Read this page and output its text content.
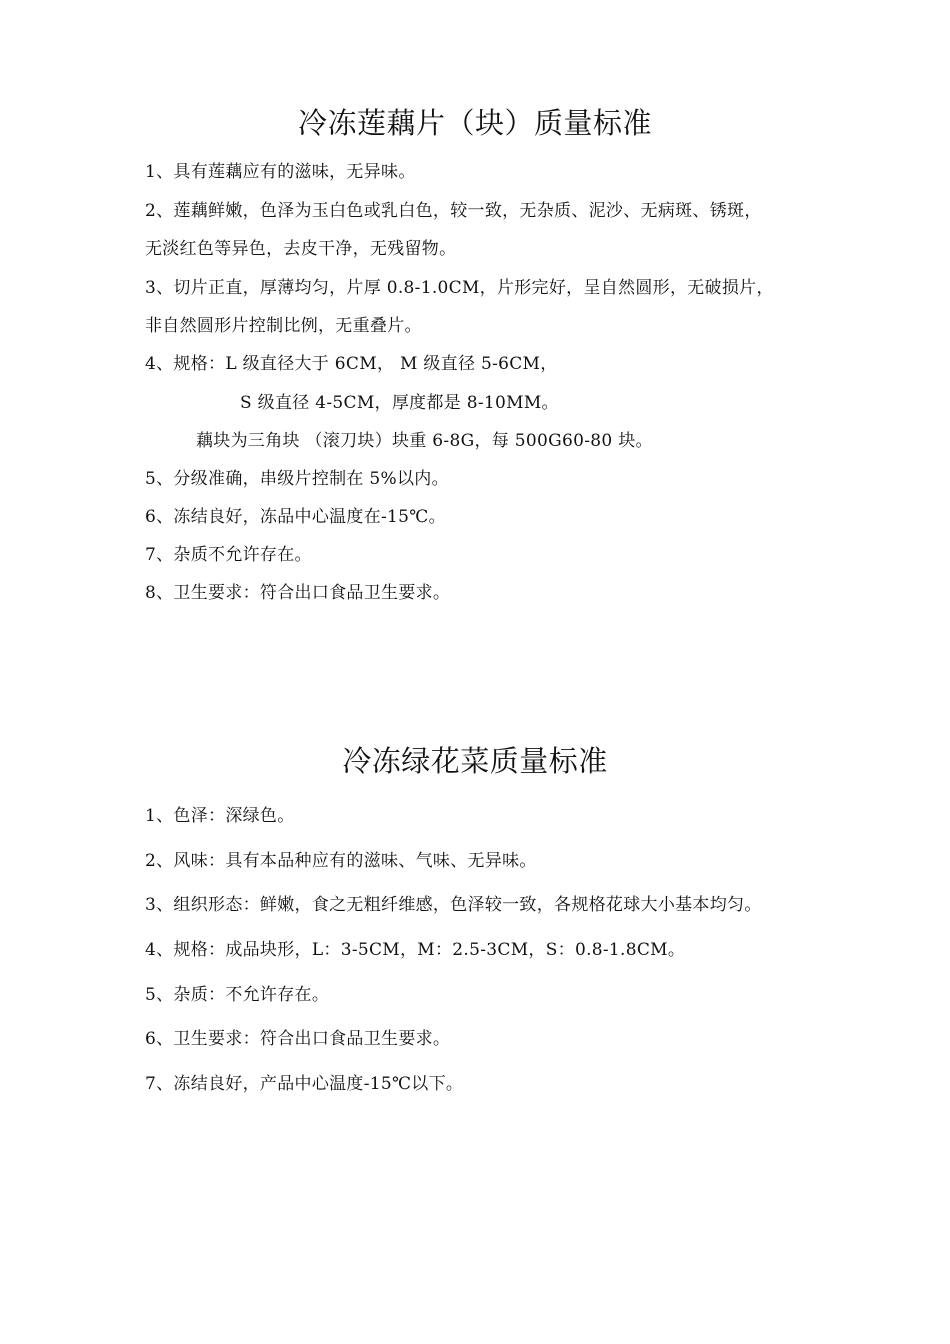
冷冻莲藕片（块）质量标准
1、具有莲藕应有的滋味，无异味。
2、莲藕鲜嫩，色泽为玉白色或乳白色，较一致，无杂质、泥沙、无病斑、锈斑，
无淡红色等异色，去皮干净，无残留物。
3、切片正直，厚薄均匀，片厚 0.8-1.0CM，片形完好，呈自然圆形，无破损片，
非自然圆形片控制比例，无重叠片。
4、规格：L 级直径大于 6CM， M 级直径 5-6CM，
S 级直径 4-5CM，厚度都是 8-10MM。
藕块为三角块 （滚刀块）块重 6-8G，每 500G60-80 块。
5、分级准确，串级片控制在 5%以内。
6、冻结良好，冻品中心温度在-15℃。
7、杂质不允许存在。
8、卫生要求：符合出口食品卫生要求。
冷冻绿花菜质量标准
1、色泽：深绿色。
2、风味：具有本品种应有的滋味、气味、无异味。
3、组织形态：鲜嫩，食之无粗纤维感，色泽较一致，各规格花球大小基本均匀。
4、规格：成品块形，L：3-5CM，M：2.5-3CM，S：0.8-1.8CM。
5、杂质：不允许存在。
6、卫生要求：符合出口食品卫生要求。
7、冻结良好，产品中心温度-15℃以下。
